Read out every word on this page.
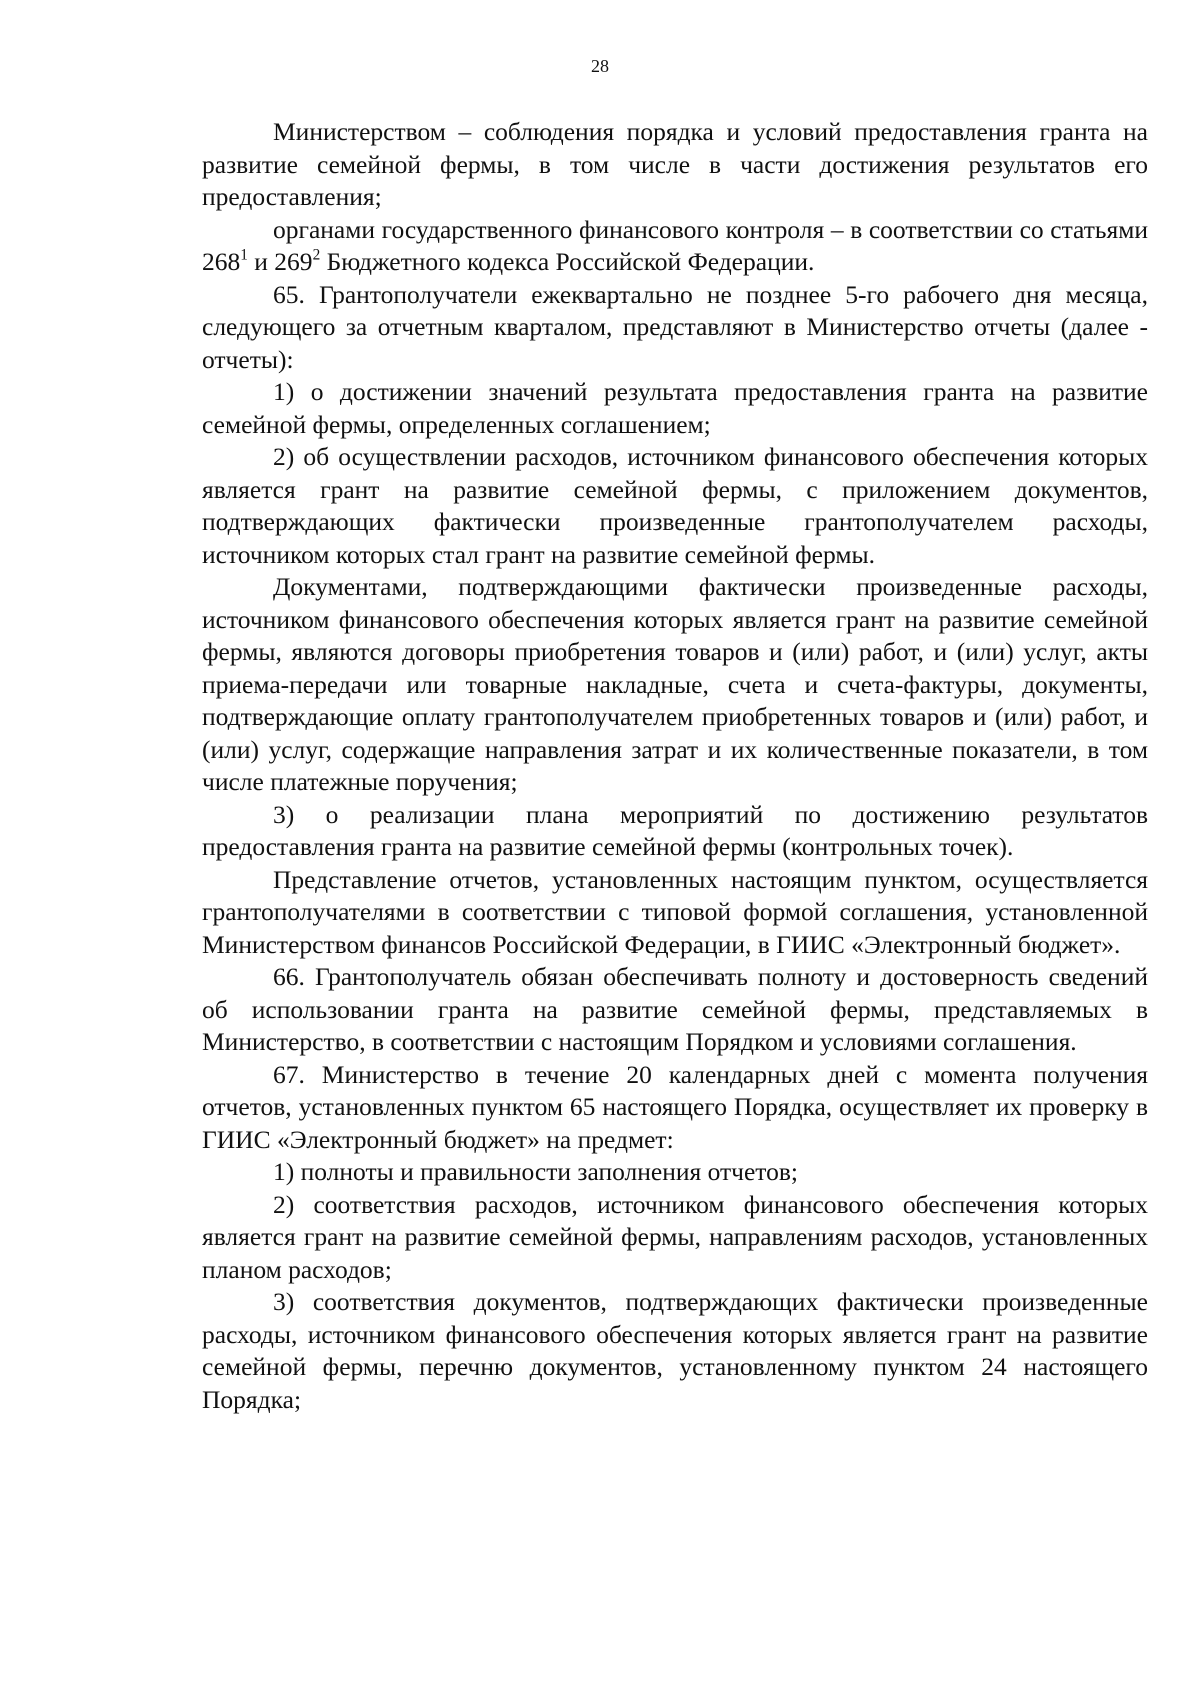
28

Министерством – соблюдения порядка и условий предоставления гранта на развитие семейной фермы, в том числе в части достижения результатов его предоставления;

органами государственного финансового контроля – в соответствии со статьями $268^1$ и $269^2$ Бюджетного кодекса Российской Федерации.

65. Грантополучатели ежеквартально не позднее 5-го рабочего дня месяца, следующего за отчетным кварталом, представляют в Министерство отчеты (далее - отчеты):

1) о достижении значений результата предоставления гранта на развитие семейной фермы, определенных соглашением;

2) об осуществлении расходов, источником финансового обеспечения которых является грант на развитие семейной фермы, с приложением документов, подтверждающих фактически произведенные грантополучателем расходы, источником которых стал грант на развитие семейной фермы.

Документами, подтверждающими фактически произведенные расходы, источником финансового обеспечения которых является грант на развитие семейной фермы, являются договоры приобретения товаров и (или) работ, и (или) услуг, акты приема-передачи или товарные накладные, счета и счета-фактуры, документы, подтверждающие оплату грантополучателем приобретенных товаров и (или) работ, и (или) услуг, содержащие направления затрат и их количественные показатели, в том числе платежные поручения;

3) о реализации плана мероприятий по достижению результатов предоставления гранта на развитие семейной фермы (контрольных точек).

Представление отчетов, установленных настоящим пунктом, осуществляется грантополучателями в соответствии с типовой формой соглашения, установленной Министерством финансов Российской Федерации, в ГИИС «Электронный бюджет».

66. Грантополучатель обязан обеспечивать полноту и достоверность сведений об использовании гранта на развитие семейной фермы, представляемых в Министерство, в соответствии с настоящим Порядком и условиями соглашения.

67. Министерство в течение 20 календарных дней с момента получения отчетов, установленных пунктом 65 настоящего Порядка, осуществляет их проверку в ГИИС «Электронный бюджет» на предмет:

1) полноты и правильности заполнения отчетов;

2) соответствия расходов, источником финансового обеспечения которых является грант на развитие семейной фермы, направлениям расходов, установленных планом расходов;

3) соответствия документов, подтверждающих фактически произведенные расходы, источником финансового обеспечения которых является грант на развитие семейной фермы, перечню документов, установленному пунктом 24 настоящего Порядка;
